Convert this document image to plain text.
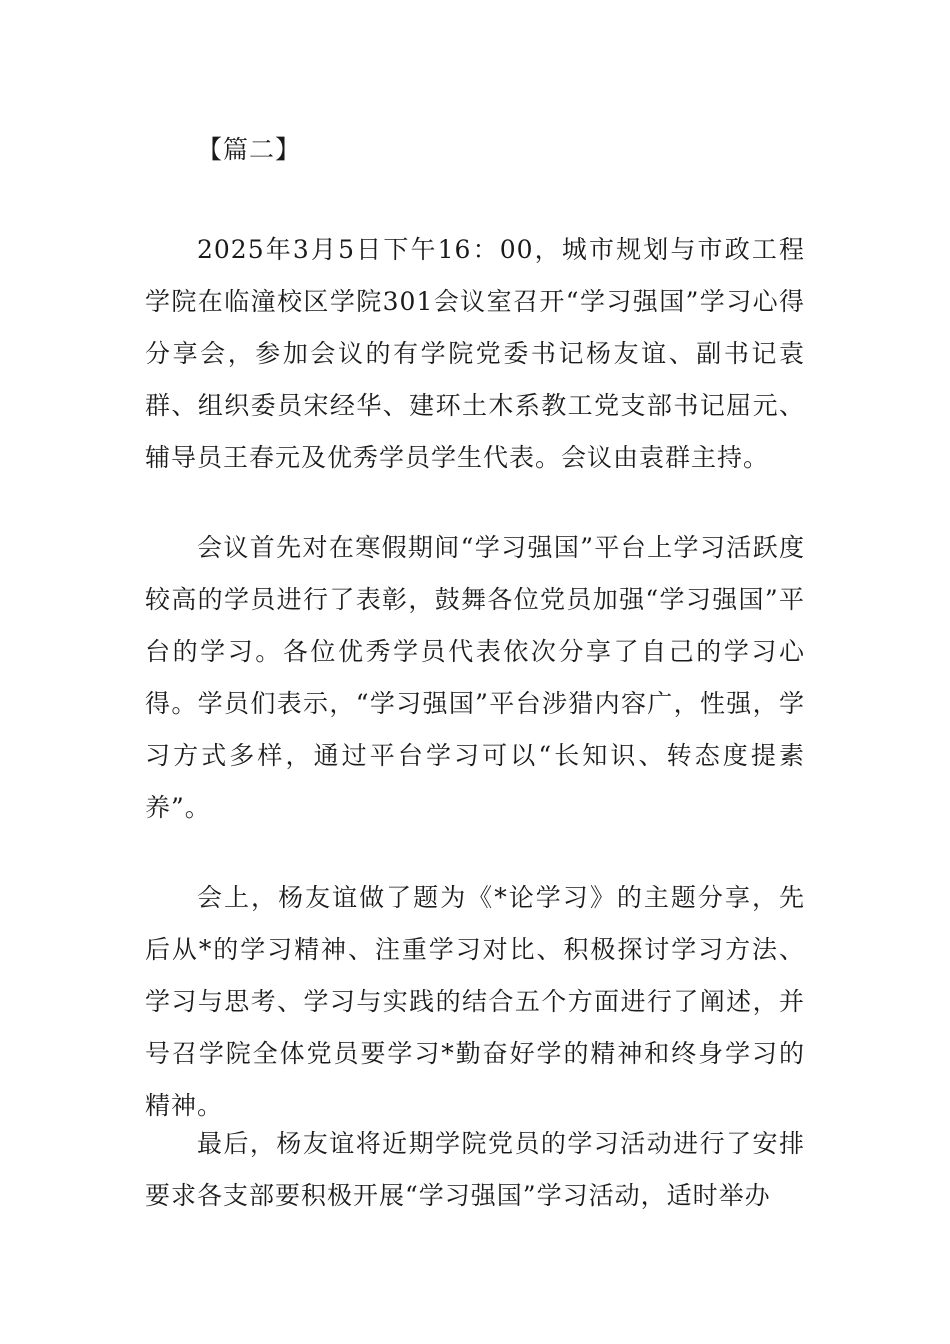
【篇二】

2025年3月5日下午16：00，城市规划与市政工程学院在临潼校区学院301会议室召开“学习强国”学习心得分享会，参加会议的有学院党委书记杨友谊、副书记袁群、组织委员宋经华、建环土木系教工党支部书记屈元、辅导员王春元及优秀学员学生代表。会议由袁群主持。

会议首先对在寒假期间“学习强国”平台上学习活跃度较高的学员进行了表彰，鼓舞各位党员加强“学习强国”平台的学习。各位优秀学员代表依次分享了自己的学习心得。学员们表示，“学习强国”平台涉猎内容广，性强，学习方式多样，通过平台学习可以“长知识、转态度提素养”。

会上，杨友谊做了题为《*论学习》的主题分享，先后从*的学习精神、注重学习对比、积极探讨学习方法、学习与思考、学习与实践的结合五个方面进行了阐述，并号召学院全体党员要学习*勤奋好学的精神和终身学习的精神。

最后，杨友谊将近期学院党员的学习活动进行了安排要求各支部要积极开展“学习强国”学习活动，适时举办
